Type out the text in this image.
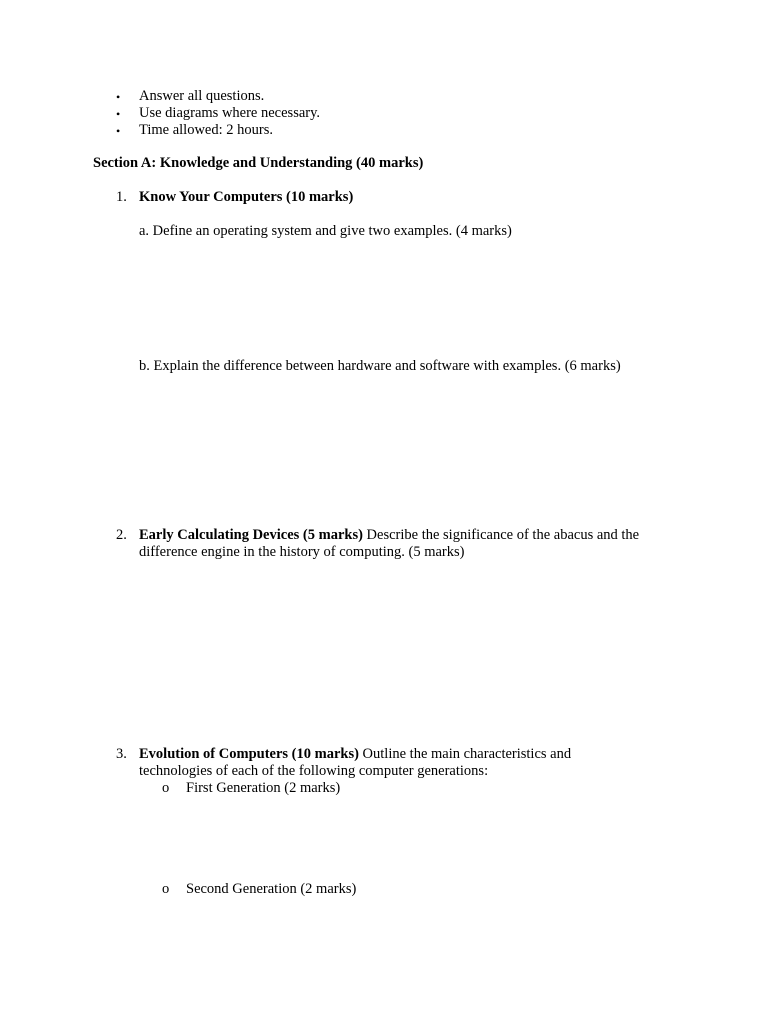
• Answer all questions.
• Use diagrams where necessary.
• Time allowed: 2 hours.
Section A: Knowledge and Understanding (40 marks)
1. Know Your Computers (10 marks)
a. Define an operating system and give two examples. (4 marks)
b. Explain the difference between hardware and software with examples. (6 marks)
2. Early Calculating Devices (5 marks) Describe the significance of the abacus and the
difference engine in the history of computing. (5 marks)
3. Evolution of Computers (10 marks) Outline the main characteristics and
technologies of each of the following computer generations:
o First Generation (2 marks)
o Second Generation (2 marks)
